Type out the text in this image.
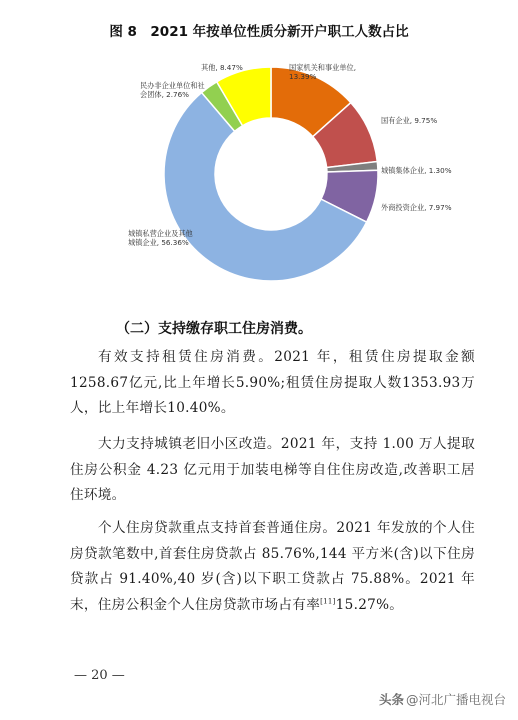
图 8　2021 年按单位性质分新开户职工人数占比
国家机关和事业单位, 13.39%
国有企业, 9.75%
城镇集体企业, 1.30%
外商投资企业, 7.97%
城镇私营企业及其他城镇企业, 56.36%
民办非企业单位和社会团体, 2.76%
其他, 8.47%
（二）支持缴存职工住房消费。

有效支持租赁住房消费。2021 年，租赁住房提取金额1258.67亿元,比上年增长5.90%;租赁住房提取人数1353.93万人，比上年增长10.40%。

大力支持城镇老旧小区改造。2021 年，支持 1.00 万人提取住房公积金 4.23 亿元用于加装电梯等自住住房改造,改善职工居住环境。

个人住房贷款重点支持首套普通住房。2021 年发放的个人住房贷款笔数中,首套住房贷款占 85.76%,144 平方米(含)以下住房贷款占 91.40%,40 岁(含)以下职工贷款占 75.88%。2021 年末，住房公积金个人住房贷款市场占有率[11]15.27%。

— 20 —
头条 @河北广播电视台
